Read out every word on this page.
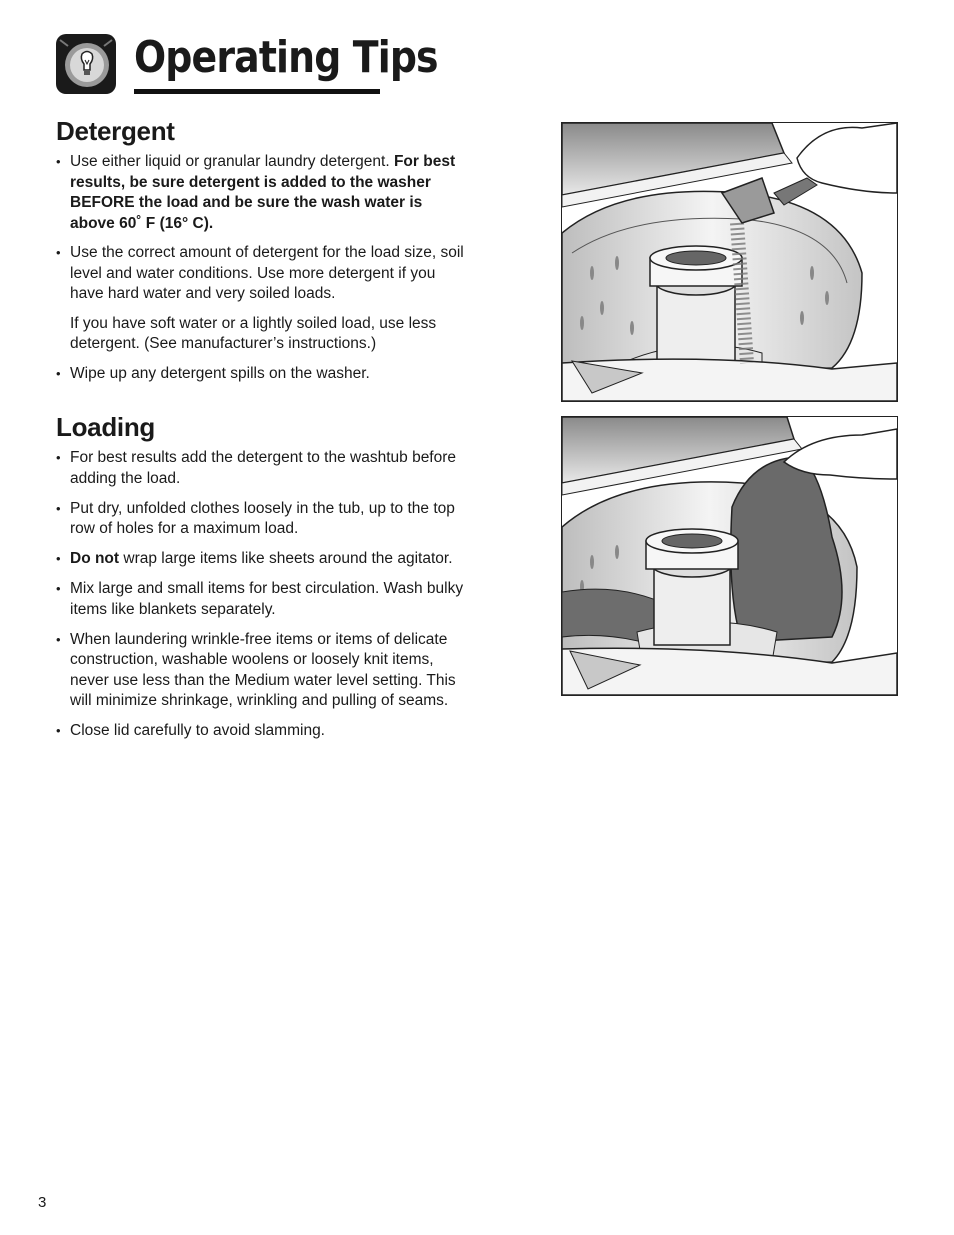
Operating Tips
Detergent
• Use either liquid or granular laundry detergent. For best results, be sure detergent is added to the washer BEFORE the load and be sure the wash water is above 60˚ F (16° C).
• Use the correct amount of detergent for the load size, soil level and water conditions. Use more detergent if you have hard water and very soiled loads.
If you have soft water or a lightly soiled load, use less detergent. (See manufacturer’s instructions.)
• Wipe up any detergent spills on the washer.
Loading
• For best results add the detergent to the washtub before adding the load.
• Put dry, unfolded clothes loosely in the tub, up to the top row of holes for a maximum load.
• Do not wrap large items like sheets around the agitator.
• Mix large and small items for best circulation. Wash bulky items like blankets separately.
• When laundering wrinkle-free items or items of delicate construction, washable woolens or loosely knit items, never use less than the Medium water level setting. This will minimize shrinkage, wrinkling and pulling of seams.
• Close lid carefully to avoid slamming.
3
